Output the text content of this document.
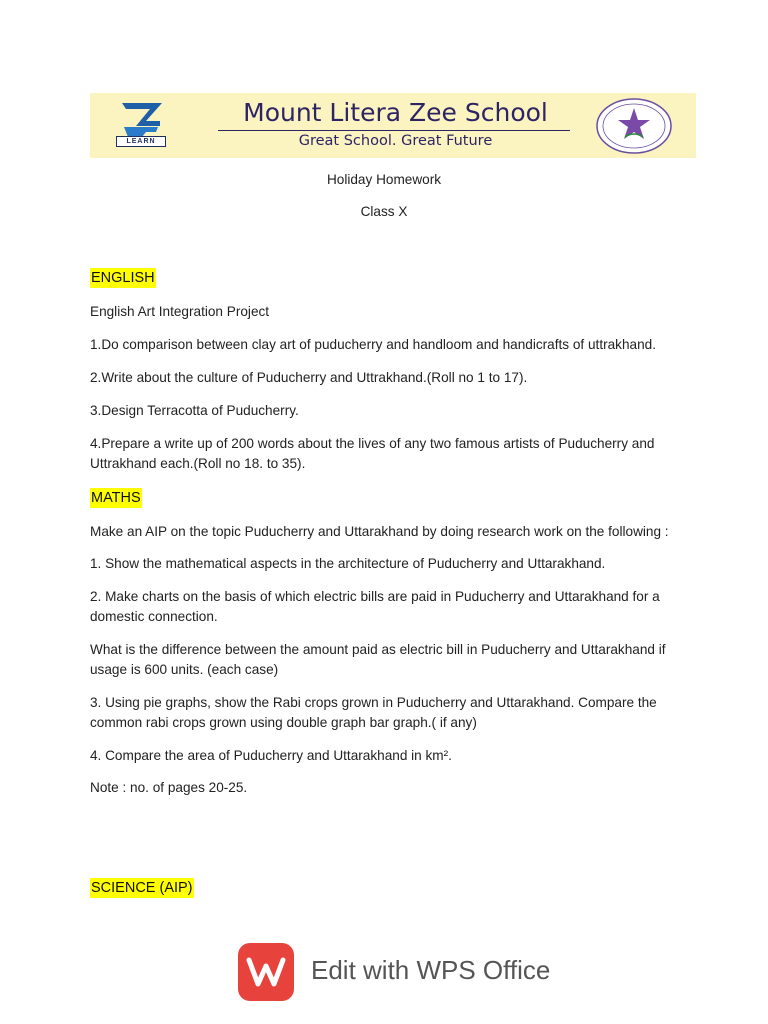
LEARN
Mount Litera Zee School
Great School. Great Future

Holiday Homework

Class X

ENGLISH

English Art Integration Project

1.Do comparison between clay art of puducherry and handloom and handicrafts of uttrakhand.

2.Write about the culture of Puducherry and Uttrakhand.(Roll no 1 to 17).

3.Design Terracotta of Puducherry.

4.Prepare a write up of 200 words about the lives of any two famous artists of Puducherry and

Uttrakhand each.(Roll no 18. to 35).

MATHS

Make an AIP on the topic Puducherry and Uttarakhand by doing research work on the following :

1. Show the mathematical aspects in the architecture of Puducherry and Uttarakhand.

2. Make charts on the basis of which electric bills are paid in Puducherry and Uttarakhand for a

domestic connection.

What is the difference between the amount paid as electric bill in Puducherry and Uttarakhand if

usage is 600 units. (each case)

3. Using pie graphs, show the Rabi crops grown in Puducherry and Uttarakhand. Compare the

common rabi crops grown using double graph bar graph.( if any)

4. Compare the area of Puducherry and Uttarakhand in km².

Note : no. of pages 20-25.

SCIENCE (AIP)
Edit with WPS Office
